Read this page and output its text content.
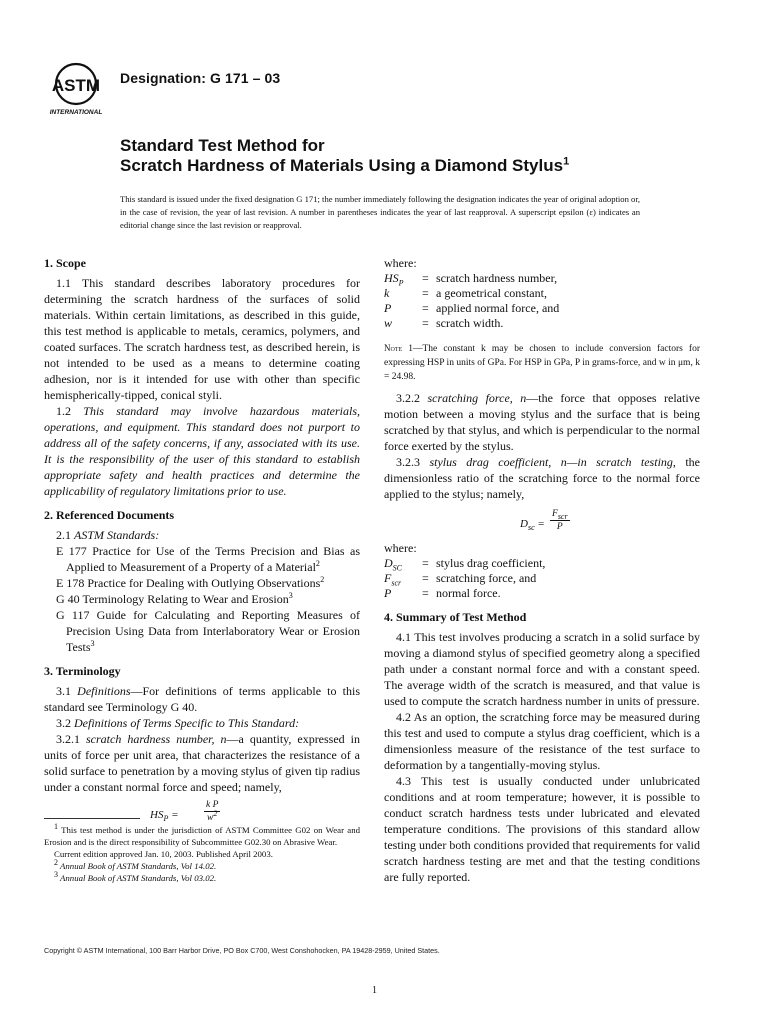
ASTM
INTERNATIONAL
Designation: G 171 – 03
Standard Test Method for
Scratch Hardness of Materials Using a Diamond Stylus$^1$
This standard is issued under the fixed designation G 171; the number immediately following the designation indicates the year of original adoption or, in the case of revision, the year of last revision. A number in parentheses indicates the year of last reapproval. A superscript epsilon (ε) indicates an editorial change since the last revision or reapproval.
1. Scope

1.1 This standard describes laboratory procedures for determining the scratch hardness of the surfaces of solid materials. Within certain limitations, as described in this guide, this test method is applicable to metals, ceramics, polymers, and coated surfaces. The scratch hardness test, as described herein, is not intended to be used as a means to determine coating adhesion, nor is it intended for use with other than specific hemispherically-tipped, conical styli.

1.2 This standard may involve hazardous materials, operations, and equipment. This standard does not purport to address all of the safety concerns, if any, associated with its use. It is the responsibility of the user of this standard to establish appropriate safety and health practices and determine the applicability of regulatory limitations prior to use.

2. Referenced Documents

2.1 ASTM Standards:

E 177 Practice for Use of the Terms Precision and Bias as Applied to Measurement of a Property of a Material$^2$

E 178 Practice for Dealing with Outlying Observations$^2$

G 40 Terminology Relating to Wear and Erosion$^3$

G 117 Guide for Calculating and Reporting Measures of Precision Using Data from Interlaboratory Wear or Erosion Tests$^3$

3. Terminology

3.1 Definitions—For definitions of terms applicable to this standard see Terminology G 40.

3.2 Definitions of Terms Specific to This Standard:

3.2.1 scratch hardness number, n—a quantity, expressed in units of force per unit area, that characterizes the resistance of a solid surface to penetration by a moving stylus of given tip radius under a constant normal force and speed; namely,

$HS_P$ =
k P
$w^2$

$^1$ This test method is under the jurisdiction of ASTM Committee G02 on Wear and Erosion and is the direct responsibility of Subcommittee G02.30 on Abrasive Wear.

Current edition approved Jan. 10, 2003. Published April 2003.

$^2$ Annual Book of ASTM Standards, Vol 14.02.

$^3$ Annual Book of ASTM Standards, Vol 03.02.

where:

$HS_P$	=	scratch hardness number,
k	=	a geometrical constant,
P	=	applied normal force, and
w	=	scratch width.

Note 1—The constant k may be chosen to include conversion factors for expressing HSP in units of GPa. For HSP in GPa, P in grams-force, and w in μm, k = 24.98.

3.2.2 scratching force, n—the force that opposes relative motion between a moving stylus and the surface that is being scratched by that stylus, and which is perpendicular to the normal force exerted by the stylus.

3.2.3 stylus drag coefficient, n—in scratch testing, the dimensionless ratio of the scratching force to the normal force applied to the stylus; namely,

$D_{sc}$ =
$F_{scr}$
P

where:

$D_{SC}$	=	stylus drag coefficient,
$F_{scr}$	=	scratching force, and
P	=	normal force.
4. Summary of Test Method

4.1 This test involves producing a scratch in a solid surface by moving a diamond stylus of specified geometry along a specified path under a constant normal force and with a constant speed. The average width of the scratch is measured, and that value is used to compute the scratch hardness number in units of pressure.

4.2 As an option, the scratching force may be measured during this test and used to compute a stylus drag coefficient, which is a dimensionless measure of the resistance of the test surface to deformation by a tangentially-moving stylus.

4.3 This test is usually conducted under unlubricated conditions and at room temperature; however, it is possible to conduct scratch hardness tests under lubricated and elevated temperature conditions. The provisions of this standard allow testing under both conditions provided that requirements for valid scratch hardness testing are met and that the testing conditions are fully reported.

Copyright © ASTM International, 100 Barr Harbor Drive, PO Box C700, West Conshohocken, PA 19428-2959, United States.
1
